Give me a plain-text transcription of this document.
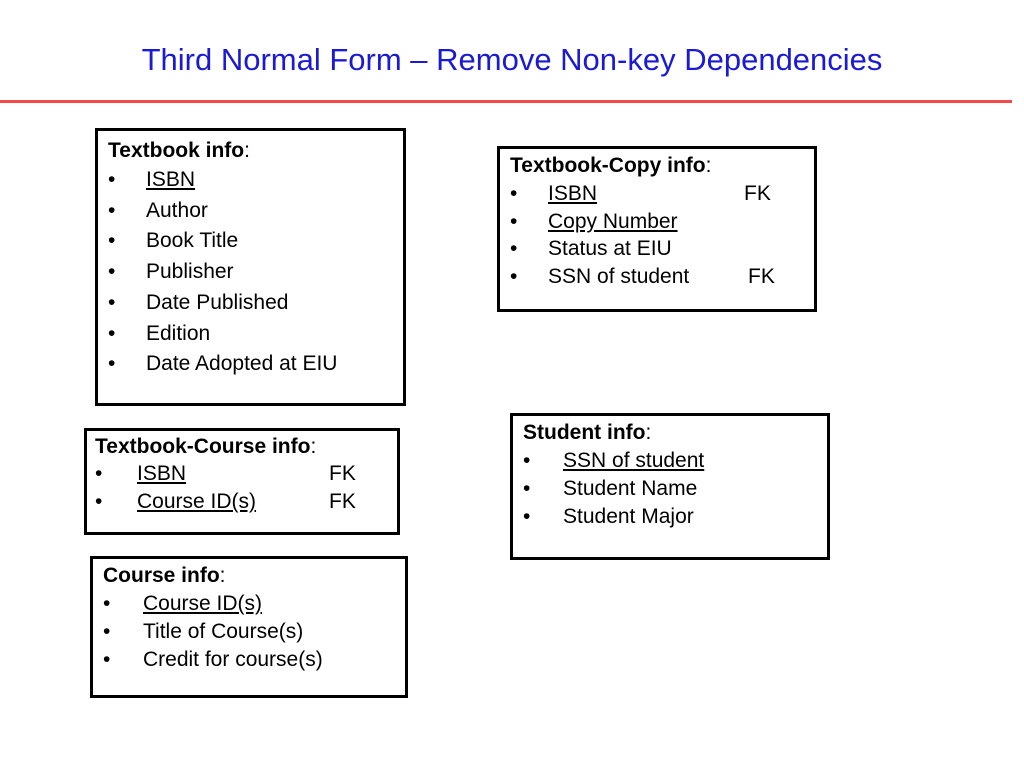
Third Normal Form – Remove Non-key Dependencies
Textbook info:
•	ISBN
•	Author
•	Book Title
•	Publisher
•	Date Published
•	Edition
•	Date Adopted at EIU
Textbook-Copy info:
•	ISBN	FK
•	Copy Number
•	Status at EIU
•	SSN of student	FK
Textbook-Course info:
•	ISBN	FK
•	Course ID(s)	FK
Student info:
•	SSN of student
•	Student Name
•	Student Major
Course info:
•	Course ID(s)
•	Title of Course(s)
•	Credit for course(s)
